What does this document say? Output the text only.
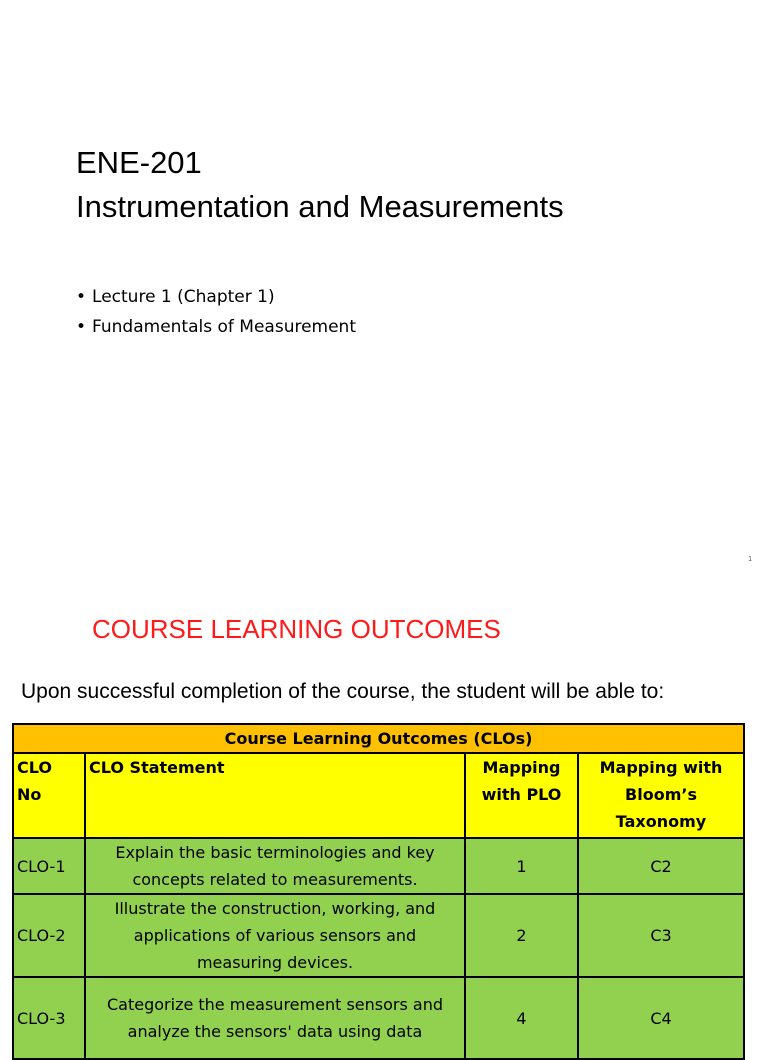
ENE-201
Instrumentation and Measurements
• Lecture 1 (Chapter 1)
• Fundamentals of Measurement
1
COURSE LEARNING OUTCOMES
Upon successful completion of the course, the student will be able to:
Course Learning Outcomes (CLOs)			
CLO No	CLO Statement	Mapping with PLO	Mapping with Bloom’s Taxonomy
CLO-1	Explain the basic terminologies and key concepts related to measurements.	1	C2
CLO-2	Illustrate the construction, working, and applications of various sensors and measuring devices.	2	C3
CLO-3	Categorize the measurement sensors and analyze the sensors' data using data	4	C4
